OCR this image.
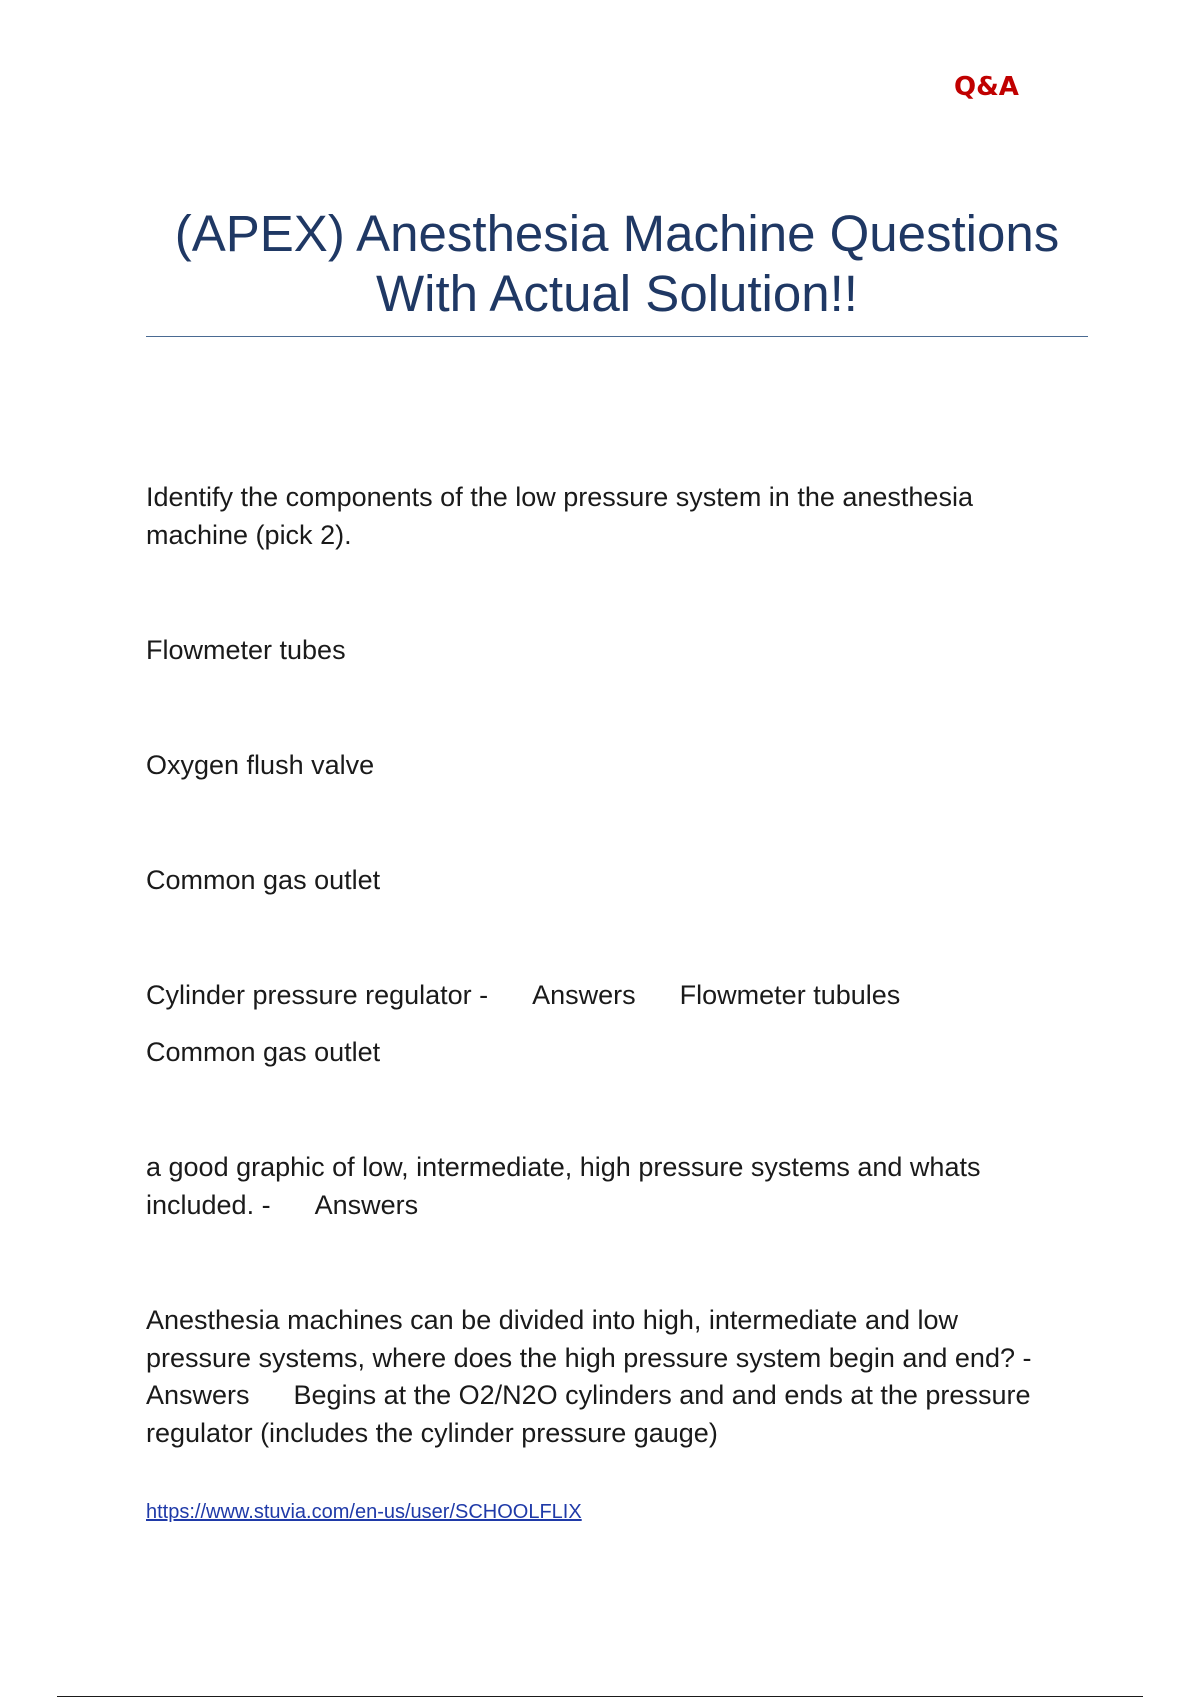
Q&A
(APEX) Anesthesia Machine Questions
With Actual Solution!!

Identify the components of the low pressure system in the anesthesia
machine (pick 2).

Flowmeter tubes

Oxygen flush valve

Common gas outlet

Cylinder pressure regulator - Answers Flowmeter tubules

Common gas outlet

a good graphic of low, intermediate, high pressure systems and whats
included. - Answers

Anesthesia machines can be divided into high, intermediate and low
pressure systems, where does the high pressure system begin and end? -
Answers Begins at the O2/N2O cylinders and and ends at the pressure
regulator (includes the cylinder pressure gauge)

https://www.stuvia.com/en-us/user/SCHOOLFLIX
